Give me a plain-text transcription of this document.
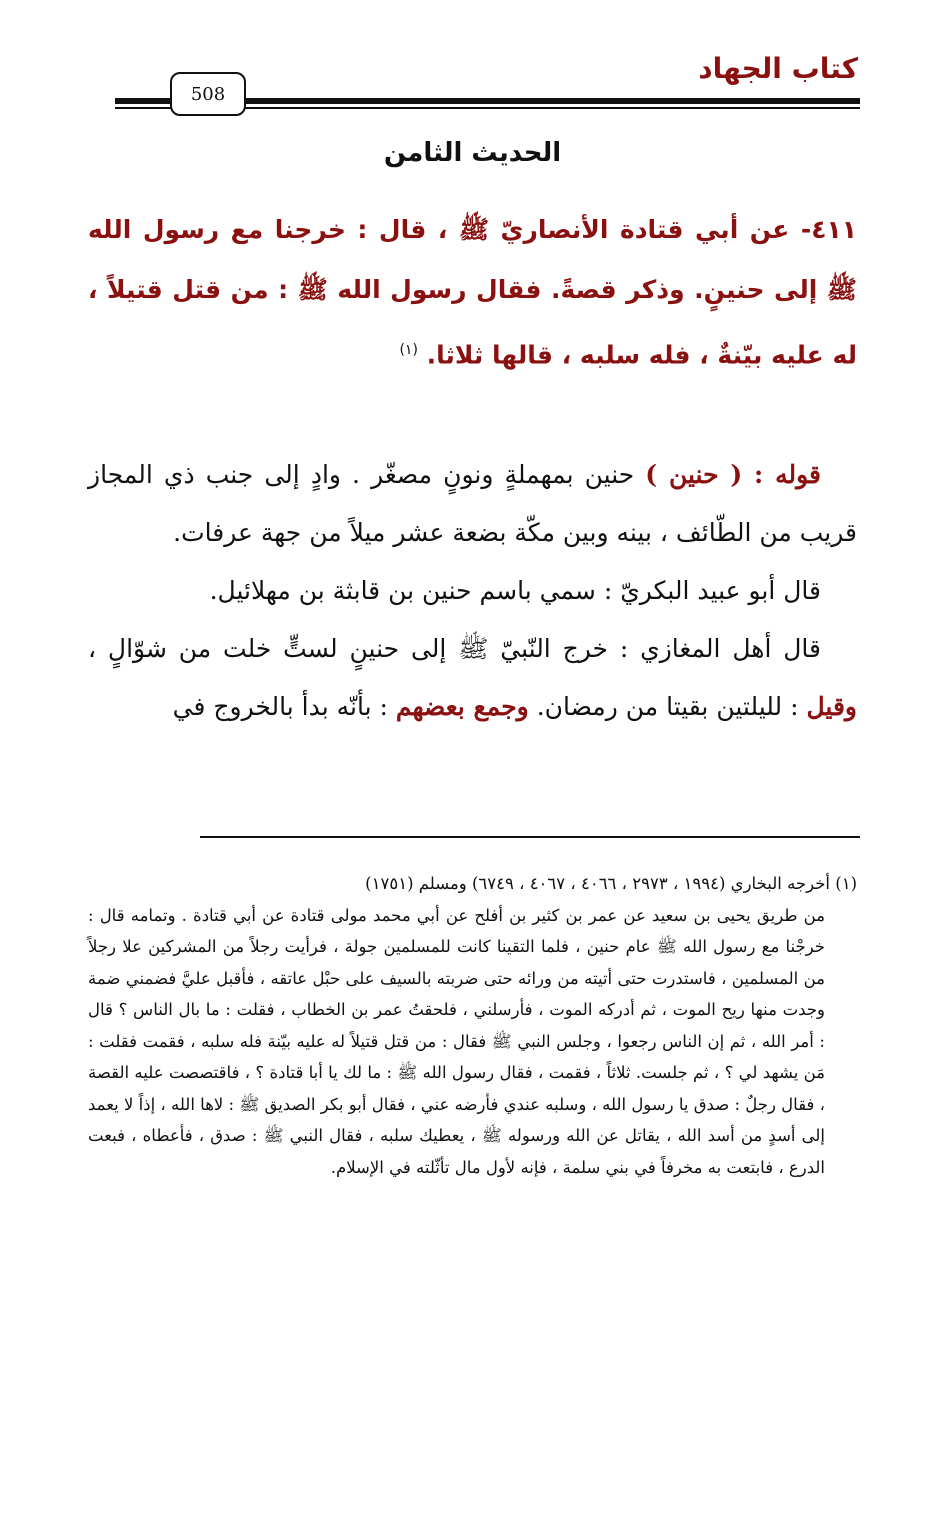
كتاب الجهاد
508
الحديث الثامن
٤١١- عن أبي قتادة الأنصاريّ ﷺ ، قال : خرجنا مع رسول الله ﷺ إلى حنينٍ. وذكر قصةً. فقال رسول الله ﷺ : من قتل قتيلاً ، له عليه بيّنةٌ ، فله سلبه ، قالها ثلاثا. $^{(١)}$

قوله : ( حنين ) حنين بمهملةٍ ونونٍ مصغّر . وادٍ إلى جنب ذي المجاز قريب من الطّائف ، بينه وبين مكّة بضعة عشر ميلاً من جهة عرفات.

قال أبو عبيد البكريّ : سمي باسم حنين بن قابثة بن مهلائيل.

قال أهل المغازي : خرج النّبيّ ﷺ إلى حنينٍ لستٍّ خلت من شوّالٍ ، وقيل : لليلتين بقيتا من رمضان. وجمع بعضهم : بأنّه بدأ بالخروج في

(١) أخرجه البخاري (١٩٩٤ ، ٢٩٧٣ ، ٤٠٦٦ ، ٤٠٦٧ ، ٦٧٤٩) ومسلم (١٧٥١)

من طريق يحيى بن سعيد عن عمر بن كثير بن أفلح عن أبي محمد مولى قتادة عن أبي قتادة . وتمامه قال : خرجْنا مع رسول الله ﷺ عام حنين ، فلما التقينا كانت للمسلمين جولة ، فرأيت رجلاً من المشركين علا رجلاً من المسلمين ، فاستدرت حتى أتيته من ورائه حتى ضربته بالسيف على حبْل عاتقه ، فأقبل عليَّ فضمني ضمة وجدت منها ريح الموت ، ثم أدركه الموت ، فأرسلني ، فلحقتُ عمر بن الخطاب ، فقلت : ما بال الناس ؟ قال : أمر الله ، ثم إن الناس رجعوا ، وجلس النبي ﷺ فقال : من قتل قتيلاً له عليه بيّنة فله سلبه ، فقمت فقلت : مَن يشهد لي ؟ ، ثم جلست. ثلاثاً ، فقمت ، فقال رسول الله ﷺ : ما لك يا أبا قتادة ؟ ، فاقتصصت عليه القصة ، فقال رجلٌ : صدق يا رسول الله ، وسلبه عندي فأرضه عني ، فقال أبو بكر الصديق ﷺ : لاها الله ، إذاً لا يعمد إلى أسدٍ من أسد الله ، يقاتل عن الله ورسوله ﷺ ، يعطيك سلبه ، فقال النبي ﷺ : صدق ، فأعطاه ، فبعت الدرع ، فابتعت به مخرفاً في بني سلمة ، فإنه لأول مال تأثّلته في الإسلام.
